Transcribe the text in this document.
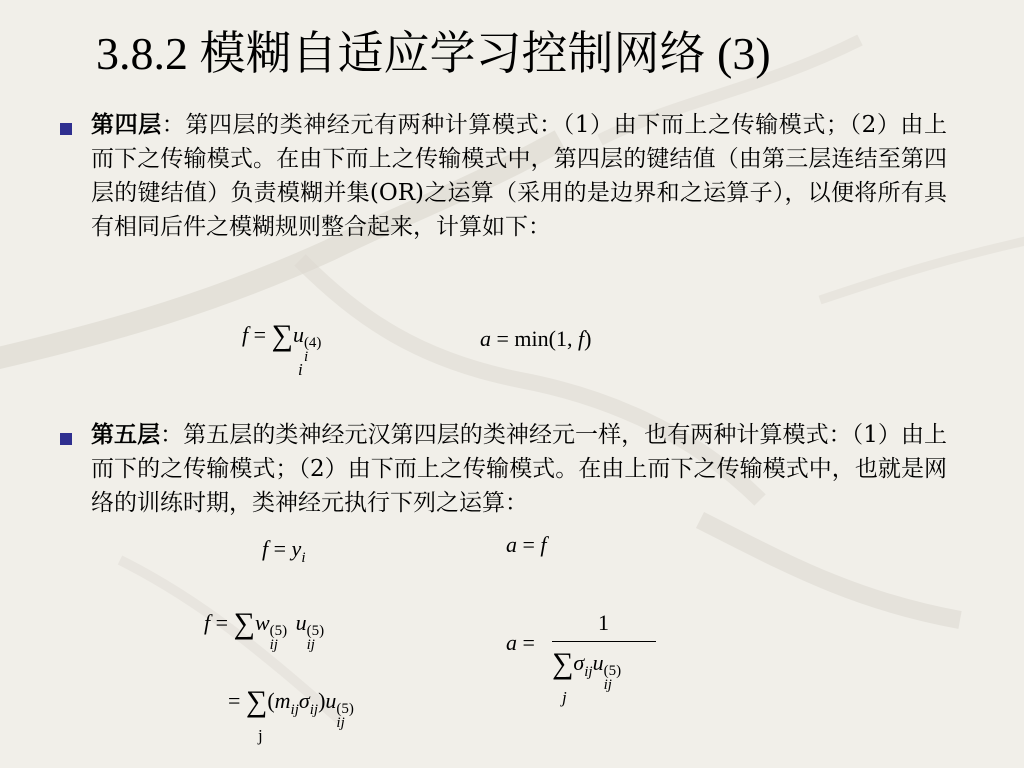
3.8.2 模糊自适应学习控制网络 (3)
第四层：第四层的类神经元有两种计算模式：（1）由下而上之传输模式；（2）由上而下之传输模式。在由下而上之传输模式中，第四层的键结值（由第三层连结至第四层的键结值）负责模糊并集(OR)之运算（采用的是边界和之运算子），以便将所有具有相同后件之模糊规则整合起来，计算如下：
f = ∑u (4)
i
i
a = min(1, f)
第五层：第五层的类神经元汉第四层的类神经元一样，也有两种计算模式：（1）由上而下的之传输模式；（2）由下而上之传输模式。在由上而下之传输模式中，也就是网络的训练时期，类神经元执行下列之运算：
$f = y_i$
a = f
f = ∑w (5)
ij
u (5)
ij
= $\sum(m_{ij}\sigma_{ij})u$ (5)
ij
j
a =
1
$\sum\sigma_{ij}u$ (5)
ij
j
